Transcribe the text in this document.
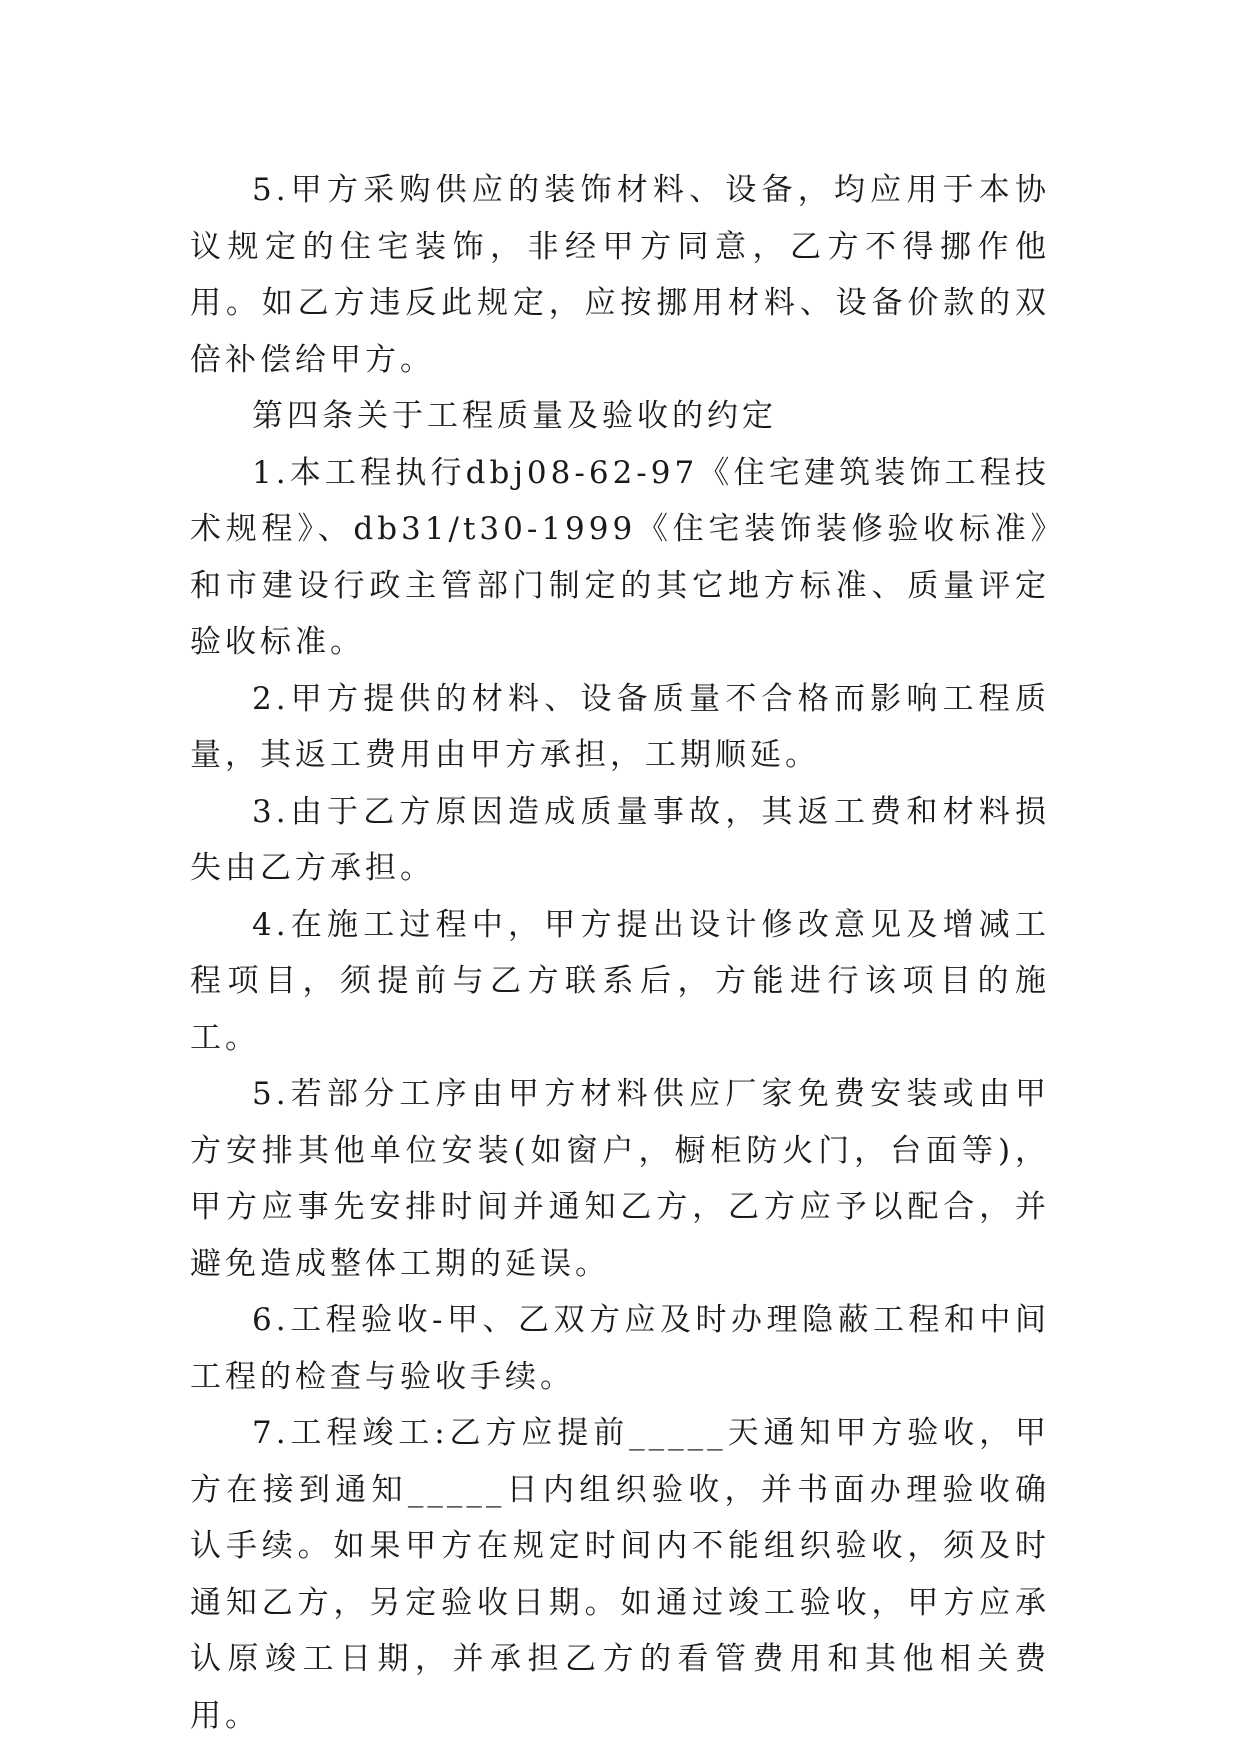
5.甲方采购供应的装饰材料、设备，均应用于本协议规定的住宅装饰，非经甲方同意，乙方不得挪作他用。如乙方违反此规定，应按挪用材料、设备价款的双倍补偿给甲方。

第四条关于工程质量及验收的约定

1.本工程执行dbj08-62-97《住宅建筑装饰工程技术规程》、db31/t30-1999《住宅装饰装修验收标准》和市建设行政主管部门制定的其它地方标准、质量评定验收标准。

2.甲方提供的材料、设备质量不合格而影响工程质量，其返工费用由甲方承担，工期顺延。

3.由于乙方原因造成质量事故，其返工费和材料损失由乙方承担。

4.在施工过程中，甲方提出设计修改意见及增减工程项目，须提前与乙方联系后，方能进行该项目的施工。

5.若部分工序由甲方材料供应厂家免费安装或由甲方安排其他单位安装(如窗户，橱柜防火门，台面等)，甲方应事先安排时间并通知乙方，乙方应予以配合，并避免造成整体工期的延误。

6.工程验收-甲、乙双方应及时办理隐蔽工程和中间工程的检查与验收手续。

7.工程竣工:乙方应提前_____天通知甲方验收，甲方在接到通知_____日内组织验收，并书面办理验收确认手续。如果甲方在规定时间内不能组织验收，须及时通知乙方，另定验收日期。如通过竣工验收，甲方应承认原竣工日期，并承担乙方的看管费用和其他相关费用。
